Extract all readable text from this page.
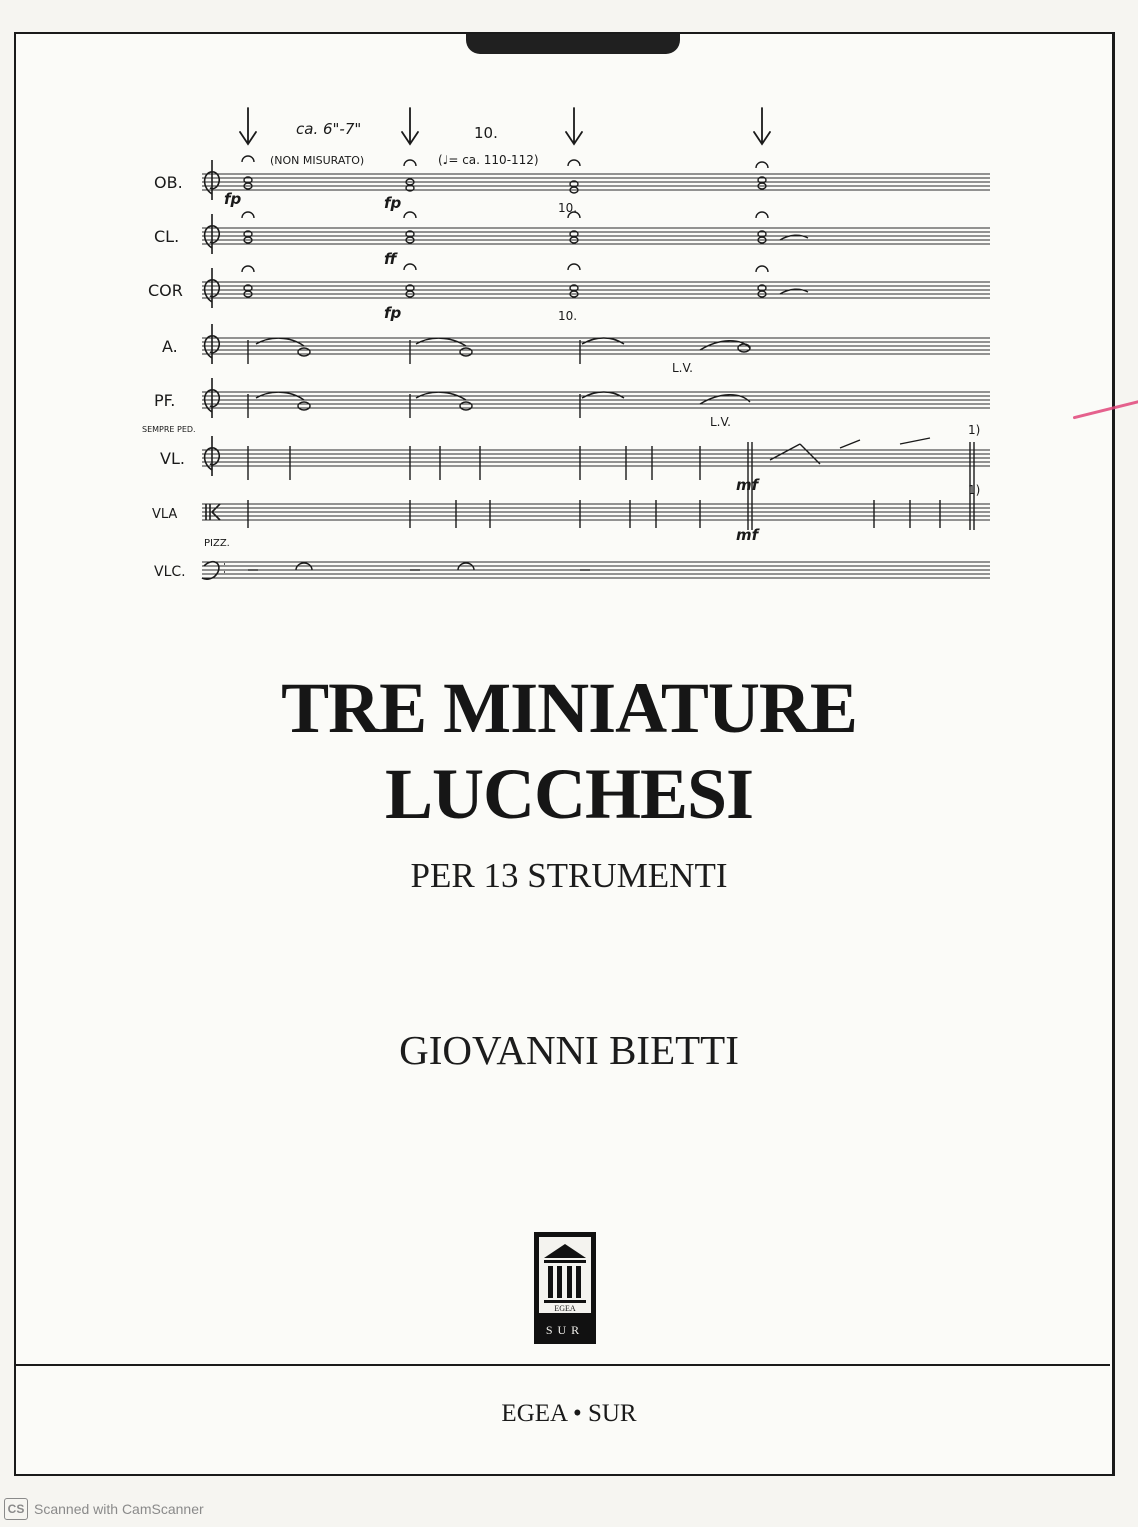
ca. 6"-7"
(NON MISURATO)
10.
(♩= ca. 110-112)
OB.
CL.
COR
A.
PF.
VL.
VLA
VLC.
SEMPRE PED.
PIZZ.
fp	fp
ff
fp
mf
mf
10.
10.
L.V.
L.V.
1)
1)
TRE MINIATURE
LUCCHESI
PER 13 STRUMENTI
GIOVANNI BIETTI
EGEA
SUR
EGEA • SUR
CS Scanned with CamScanner
